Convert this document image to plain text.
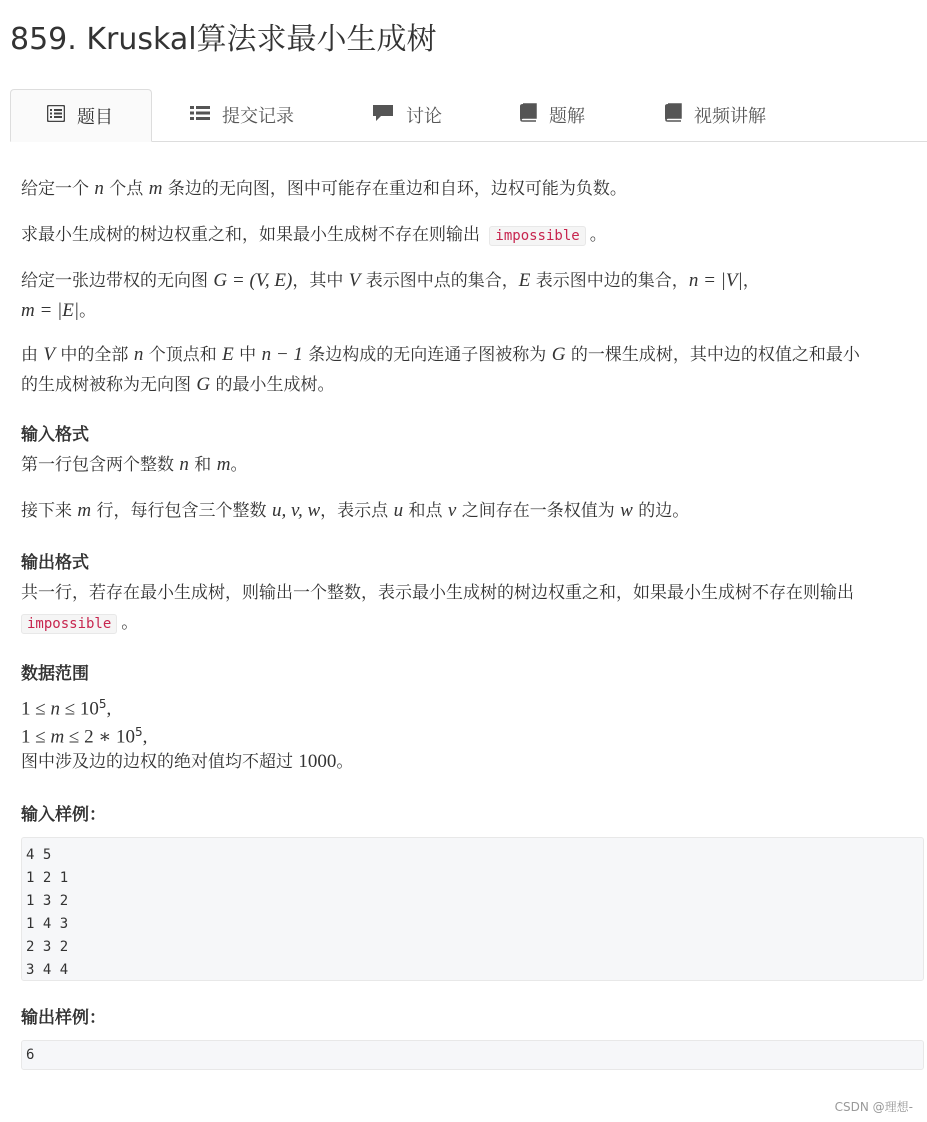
859. Kruskal算法求最小生成树
题目	提交记录	讨论	题解	视频讲解
给定一个 n 个点 m 条边的无向图，图中可能存在重边和自环，边权可能为负数。
求最小生成树的树边权重之和，如果最小生成树不存在则输出 impossible 。
给定一张边带权的无向图 G = (V, E)，其中 V 表示图中点的集合，E 表示图中边的集合，n = |V|，
m = |E|。
由 V 中的全部 n 个顶点和 E 中 n − 1 条边构成的无向连通子图被称为 G 的一棵生成树，其中边的权值之和最小
的生成树被称为无向图 G 的最小生成树。
输入格式
第一行包含两个整数 n 和 m。
接下来 m 行，每行包含三个整数 u, v, w，表示点 u 和点 v 之间存在一条权值为 w 的边。
输出格式
共一行，若存在最小生成树，则输出一个整数，表示最小生成树的树边权重之和，如果最小生成树不存在则输出
impossible 。
数据范围
$1 \le n \le 10^5$,
1 ≤ m ≤ 2 ∗ $10^5$,
图中涉及边的边权的绝对值均不超过 1000。
输入样例：
4 5
1 2 1
1 3 2
1 4 3
2 3 2
3 4 4
输出样例：
6
CSDN @理想-
